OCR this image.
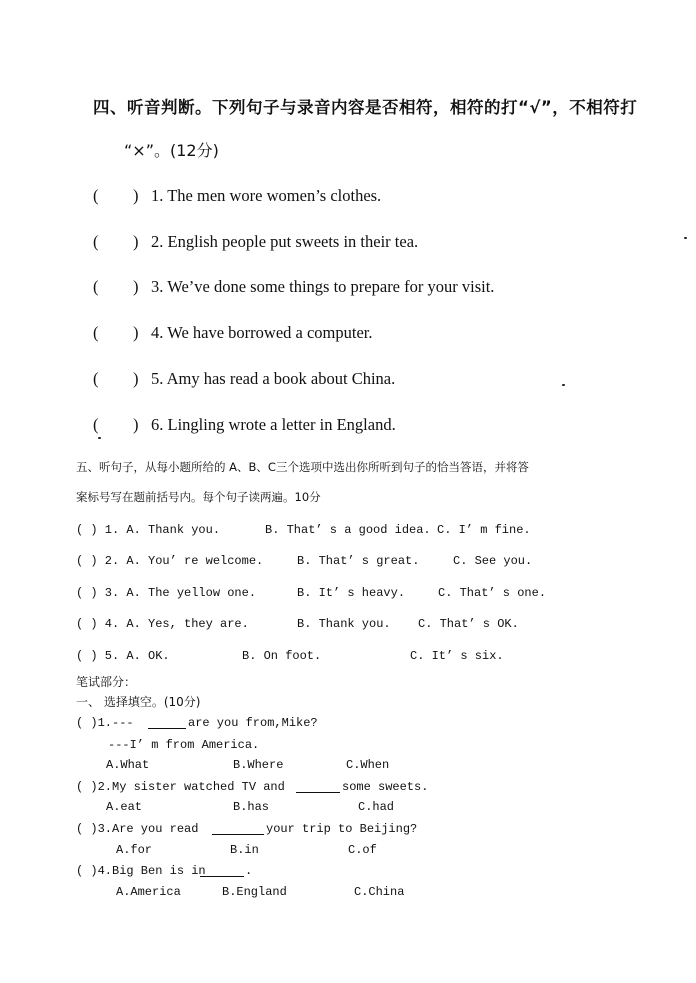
四、听音判断。下列句子与录音内容是否相符，相符的打“√”，不相符打
“×”。(12分)
( ) 1. The men wore women’s clothes.
( ) 2. English people put sweets in their tea.
( ) 3. We’ve done some things to prepare for your visit.
( ) 4. We have borrowed a computer.
( ) 5. Amy has read a book about China.
( ) 6. Lingling wrote a letter in England.
五、听句子，从每小题所给的 A、B、C三个选项中选出你所听到句子的恰当答语，并将答
案标号写在题前括号内。每个句子读两遍。10分
( ) 1. A. Thank you.	B. That’ s a good idea. C. I’ m fine.
( ) 2. A. You’ re welcome.	B. That’ s great.	C. See you.
( ) 3. A. The yellow one.	B. It’ s heavy.	C. That’ s one.
( ) 4. A. Yes, they are.	B. Thank you. C. That’ s OK.
( ) 5. A. OK.	B. On foot.	C. It’ s six.
笔试部分：
一、 选择填空。(10分)
( )1.---	are you from,Mike?
---I’ m from America.
A.What	B.Where	C.When
( )2.My sister watched TV and	some sweets.
A.eat	B.has	C.had
( )3.Are you read	your trip to Beijing?
A.for	B.in	C.of
( )4.Big Ben is in	.
A.America	B.England	C.China
